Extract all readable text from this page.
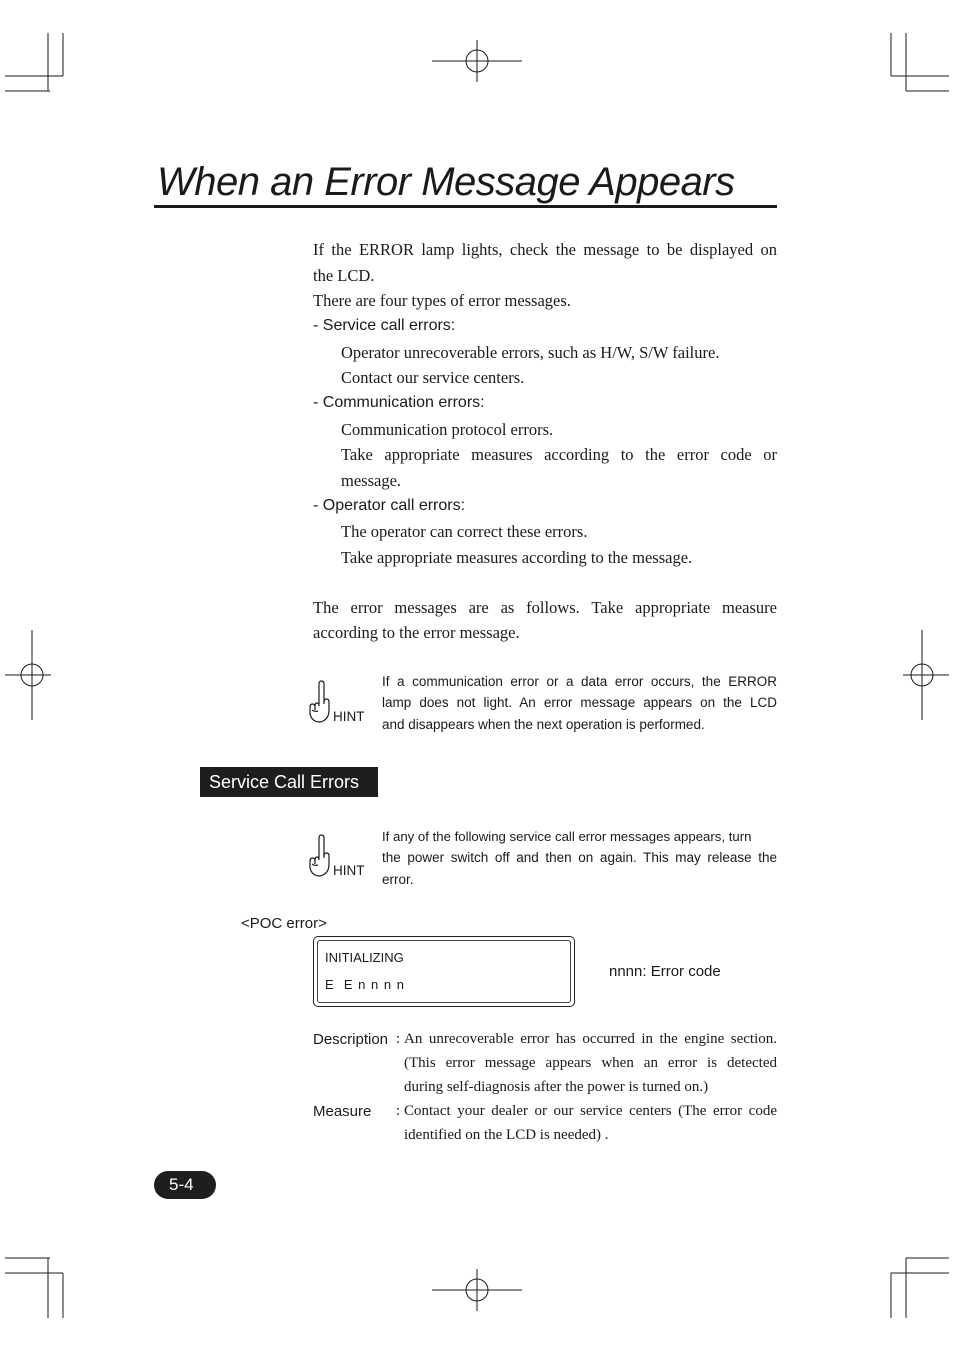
When an Error Message Appears
If the ERROR lamp lights, check the message to be displayed on
the LCD.
There are four types of error messages.
- Service call errors:
Operator unrecoverable errors, such as H/W, S/W failure.
Contact our service centers.
- Communication errors:
Communication protocol errors.
Take appropriate measures according to the error code or
message.
- Operator call errors:
The operator can correct these errors.
Take appropriate measures according to the message.
The error messages are as follows. Take appropriate measure
according to the error message.
HINT
If a communication error or a data error occurs, the ERROR
lamp does not light. An error message appears on the LCD
and disappears when the next operation is performed.
Service Call Errors
HINT
If any of the following service call error messages appears, turn
the power switch off and then on again. This may release the
error.
<POC error>
INITIALIZING
E  E n n n n
nnnn: Error code
Description : An unrecoverable error has occurred in the engine section.
(This error message appears when an error is detected
during self-diagnosis after the power is turned on.)
Measure : Contact your dealer or our service centers (The error code
identified on the LCD is needed) .
5-4
